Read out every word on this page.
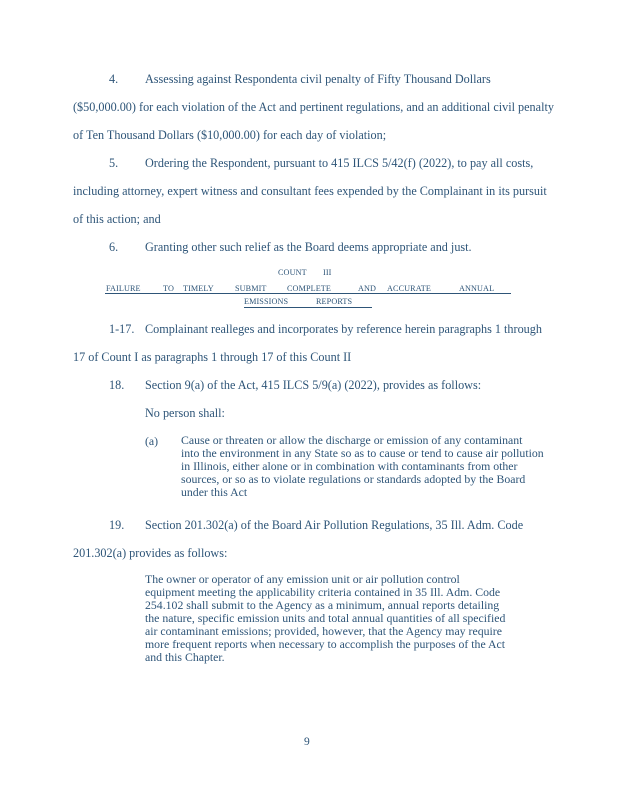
4. Assessing against Respondenta civil penalty of Fifty Thousand Dollars
($50,000.00) for each violation of the Act and pertinent regulations, and an additional civil penalty
of Ten Thousand Dollars ($10,000.00) for each day of violation;
5. Ordering the Respondent, pursuant to 415 ILCS 5/42(f) (2022), to pay all costs,
including attorney, expert witness and consultant fees expended by the Complainant in its pursuit
of this action; and
6. Granting other such relief as the Board deems appropriate and just.
COUNT III
FAILURE	TO TIMELY	SUBMIT COMPLETE	AND ACCURATE	ANNUAL
EMISSIONS	REPORTS
1-17. Complainant realleges and incorporates by reference herein paragraphs 1 through
17 of Count I as paragraphs 1 through 17 of this Count II
18. Section 9(a) of the Act, 415 ILCS 5/9(a) (2022), provides as follows:
No person shall:
(a) Cause or threaten or allow the discharge or emission of any contaminant
into the environment in any State so as to cause or tend to cause air pollution
in Illinois, either alone or in combination with contaminants from other
sources, or so as to violate regulations or standards adopted by the Board
under this Act
19. Section 201.302(a) of the Board Air Pollution Regulations, 35 Ill. Adm. Code
201.302(a) provides as follows:
The owner or operator of any emission unit or air pollution control
equipment meeting the applicability criteria contained in 35 Ill. Adm. Code
254.102 shall submit to the Agency as a minimum, annual reports detailing
the nature, specific emission units and total annual quantities of all specified
air contaminant emissions; provided, however, that the Agency may require
more frequent reports when necessary to accomplish the purposes of the Act
and this Chapter.
9
